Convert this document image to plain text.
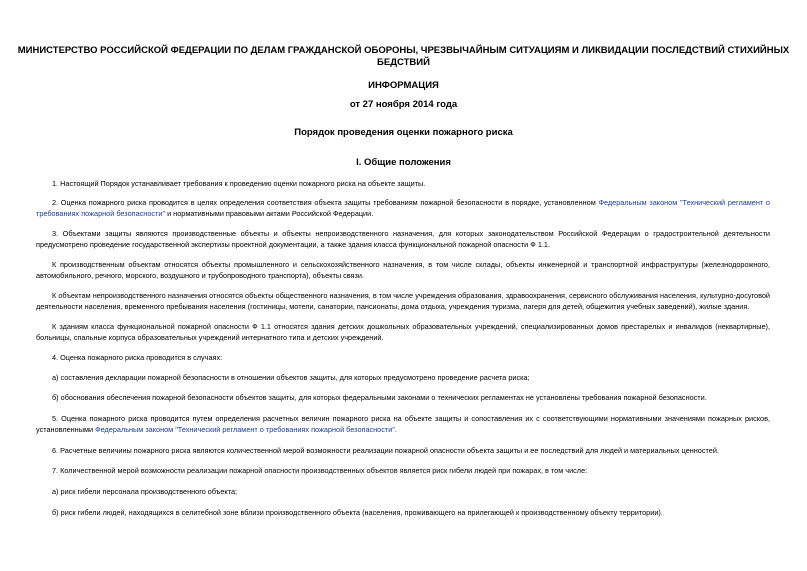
МИНИСТЕРСТВО РОССИЙСКОЙ ФЕДЕРАЦИИ ПО ДЕЛАМ ГРАЖДАНСКОЙ ОБОРОНЫ, ЧРЕЗВЫЧАЙНЫМ СИТУАЦИЯМ И ЛИКВИДАЦИИ ПОСЛЕДСТВИЙ СТИХИЙНЫХ БЕДСТВИЙ
ИНФОРМАЦИЯ
от 27 ноября 2014 года
Порядок проведения оценки пожарного риска
I. Общие положения
1. Настоящий Порядок устанавливает требования к проведению оценки пожарного риска на объекте защиты.
2. Оценка пожарного риска проводится в целях определения соответствия объекта защиты требованиям пожарной безопасности в порядке, установленном Федеральным законом "Технический регламент о требованиях пожарной безопасности" и нормативными правовыми актами Российской Федерации.
3. Объектами защиты являются производственные объекты и объекты непроизводственного назначения, для которых законодательством Российской Федерации о градостроительной деятельности предусмотрено проведение государственной экспертизы проектной документации, а также здания класса функциональной пожарной опасности Ф 1.1.
К производственным объектам относятся объекты промышленного и сельскохозяйственного назначения, в том числе склады, объекты инженерной и транспортной инфраструктуры (железнодорожного, автомобильного, речного, морского, воздушного и трубопроводного транспорта), объекты связи.
К объектам непроизводственного назначения относятся объекты общественного назначения, в том числе учреждения образования, здравоохранения, сервисного обслуживания населения, культурно-досуговой деятельности населения, временного пребывания населения (гостиницы, мотели, санатории, пансионаты, дома отдыха, учреждения туризма, лагеря для детей, общежития учебных заведений), жилые здания.
К зданиям класса функциональной пожарной опасности Ф 1.1 относятся здания детских дошкольных образовательных учреждений, специализированных домов престарелых и инвалидов (неквартирные), больницы, спальные корпуса образовательных учреждений интернатного типа и детских учреждений.
4. Оценка пожарного риска проводится в случаях:
а) составления декларации пожарной безопасности в отношении объектов защиты, для которых предусмотрено проведение расчета риска;
б) обоснования обеспечения пожарной безопасности объектов защиты, для которых федеральными законами о технических регламентах не установлены требования пожарной безопасности.
5. Оценка пожарного риска проводится путем определения расчетных величин пожарного риска на объекте защиты и сопоставления их с соответствующими нормативными значениями пожарных рисков, установленными Федеральным законом "Технический регламент о требованиях пожарной безопасности".
6. Расчетные величины пожарного риска являются количественной мерой возможности реализации пожарной опасности объекта защиты и ее последствий для людей и материальных ценностей.
7. Количественной мерой возможности реализации пожарной опасности производственных объектов является риск гибели людей при пожарах, в том числе:
а) риск гибели персонала производственного объекта;
б) риск гибели людей, находящихся в селитебной зоне вблизи производственного объекта (населения, проживающего на прилегающей к производственному объекту территории).
